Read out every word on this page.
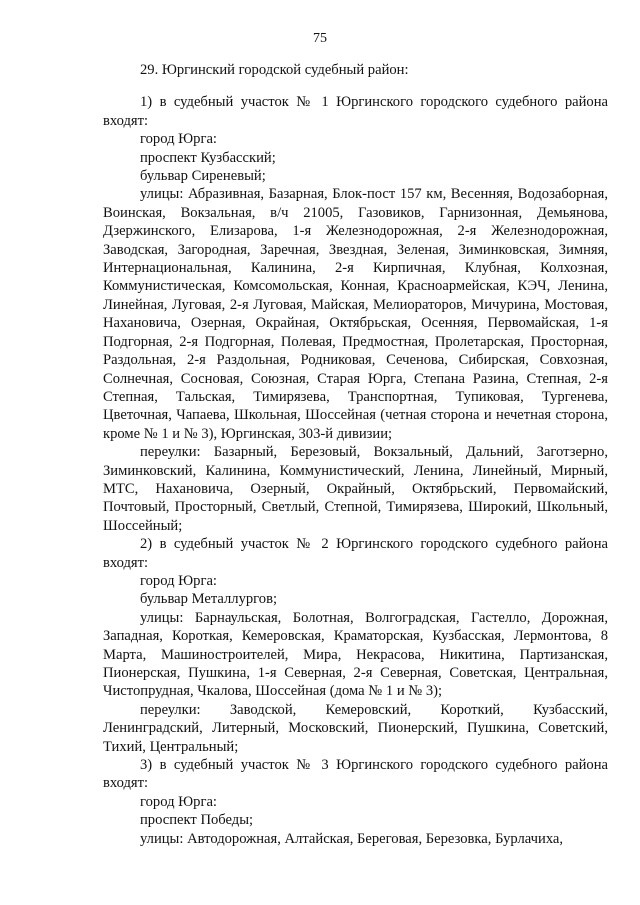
75

29. Юргинский городской судебный район:

1) в судебный участок № 1 Юргинского городского судебного района входят:

город Юрга:

проспект Кузбасский;

бульвар Сиреневый;

улицы: Абразивная, Базарная, Блок-пост 157 км, Весенняя, Водозаборная, Воинская, Вокзальная, в/ч 21005, Газовиков, Гарнизонная, Демьянова, Дзержинского, Елизарова, 1-я Железнодорожная, 2-я Железнодорожная, Заводская, Загородная, Заречная, Звездная, Зеленая, Зиминковская, Зимняя, Интернациональная, Калинина, 2-я Кирпичная, Клубная, Колхозная, Коммунистическая, Комсомольская, Конная, Красноармейская, КЭЧ, Ленина, Линейная, Луговая, 2-я Луговая, Майская, Мелиораторов, Мичурина, Мостовая, Нахановича, Озерная, Окрайная, Октябрьская, Осенняя, Первомайская, 1-я Подгорная, 2-я Подгорная, Полевая, Предмостная, Пролетарская, Просторная, Раздольная, 2-я Раздольная, Родниковая, Сеченова, Сибирская, Совхозная, Солнечная, Сосновая, Союзная, Старая Юрга, Степана Разина, Степная, 2-я Степная, Тальская, Тимирязева, Транспортная, Тупиковая, Тургенева, Цветочная, Чапаева, Школьная, Шоссейная (четная сторона и нечетная сторона, кроме № 1 и № 3), Юргинская, 303-й дивизии;

переулки: Базарный, Березовый, Вокзальный, Дальний, Заготзерно, Зиминковский, Калинина, Коммунистический, Ленина, Линейный, Мирный, МТС, Нахановича, Озерный, Окрайный, Октябрьский, Первомайский, Почтовый, Просторный, Светлый, Степной, Тимирязева, Широкий, Школьный, Шоссейный;

2) в судебный участок № 2 Юргинского городского судебного района входят:

город Юрга:

бульвар Металлургов;

улицы: Барнаульская, Болотная, Волгоградская, Гастелло, Дорожная, Западная, Короткая, Кемеровская, Краматорская, Кузбасская, Лермонтова, 8 Марта, Машиностроителей, Мира, Некрасова, Никитина, Партизанская, Пионерская, Пушкина, 1-я Северная, 2-я Северная, Советская, Центральная, Чистопрудная, Чкалова, Шоссейная (дома № 1 и № 3);

переулки: Заводской, Кемеровский, Короткий, Кузбасский, Ленинградский, Литерный, Московский, Пионерский, Пушкина, Советский, Тихий, Центральный;

3) в судебный участок № 3 Юргинского городского судебного района входят:

город Юрга:

проспект Победы;

улицы: Автодорожная, Алтайская, Береговая, Березовка, Бурлачиха,
